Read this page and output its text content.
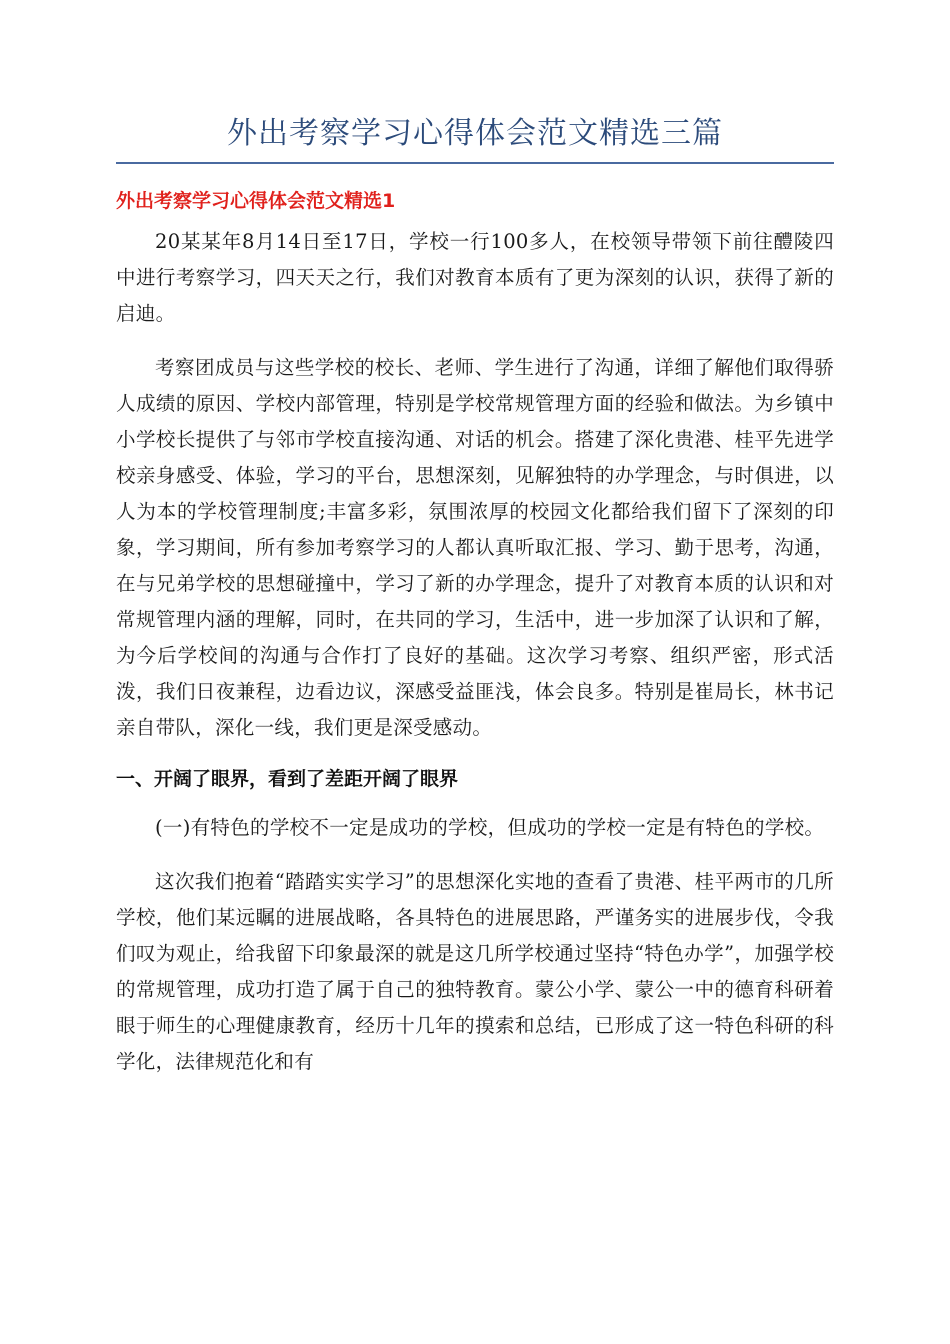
外出考察学习心得体会范文精选三篇
外出考察学习心得体会范文精选1

20某某年8月14日至17日，学校一行100多人，在校领导带领下前往醴陵四中进行考察学习，四天天之行，我们对教育本质有了更为深刻的认识，获得了新的启迪。

考察团成员与这些学校的校长、老师、学生进行了沟通，详细了解他们取得骄人成绩的原因、学校内部管理，特别是学校常规管理方面的经验和做法。为乡镇中小学校长提供了与邻市学校直接沟通、对话的机会。搭建了深化贵港、桂平先进学校亲身感受、体验，学习的平台，思想深刻，见解独特的办学理念，与时俱进，以人为本的学校管理制度;丰富多彩，氛围浓厚的校园文化都给我们留下了深刻的印象，学习期间，所有参加考察学习的人都认真听取汇报、学习、勤于思考，沟通，在与兄弟学校的思想碰撞中，学习了新的办学理念，提升了对教育本质的认识和对常规管理内涵的理解，同时，在共同的学习，生活中，进一步加深了认识和了解，为今后学校间的沟通与合作打了良好的基础。这次学习考察、组织严密，形式活泼，我们日夜兼程，边看边议，深感受益匪浅，体会良多。特别是崔局长，林书记亲自带队，深化一线，我们更是深受感动。

一、开阔了眼界，看到了差距开阔了眼界

(一)有特色的学校不一定是成功的学校，但成功的学校一定是有特色的学校。

这次我们抱着“踏踏实实学习”的思想深化实地的查看了贵港、桂平两市的几所学校，他们某远瞩的进展战略，各具特色的进展思路，严谨务实的进展步伐，令我们叹为观止，给我留下印象最深的就是这几所学校通过坚持“特色办学”，加强学校的常规管理，成功打造了属于自己的独特教育。蒙公小学、蒙公一中的德育科研着眼于师生的心理健康教育，经历十几年的摸索和总结，已形成了这一特色科研的科学化，法律规范化和有
